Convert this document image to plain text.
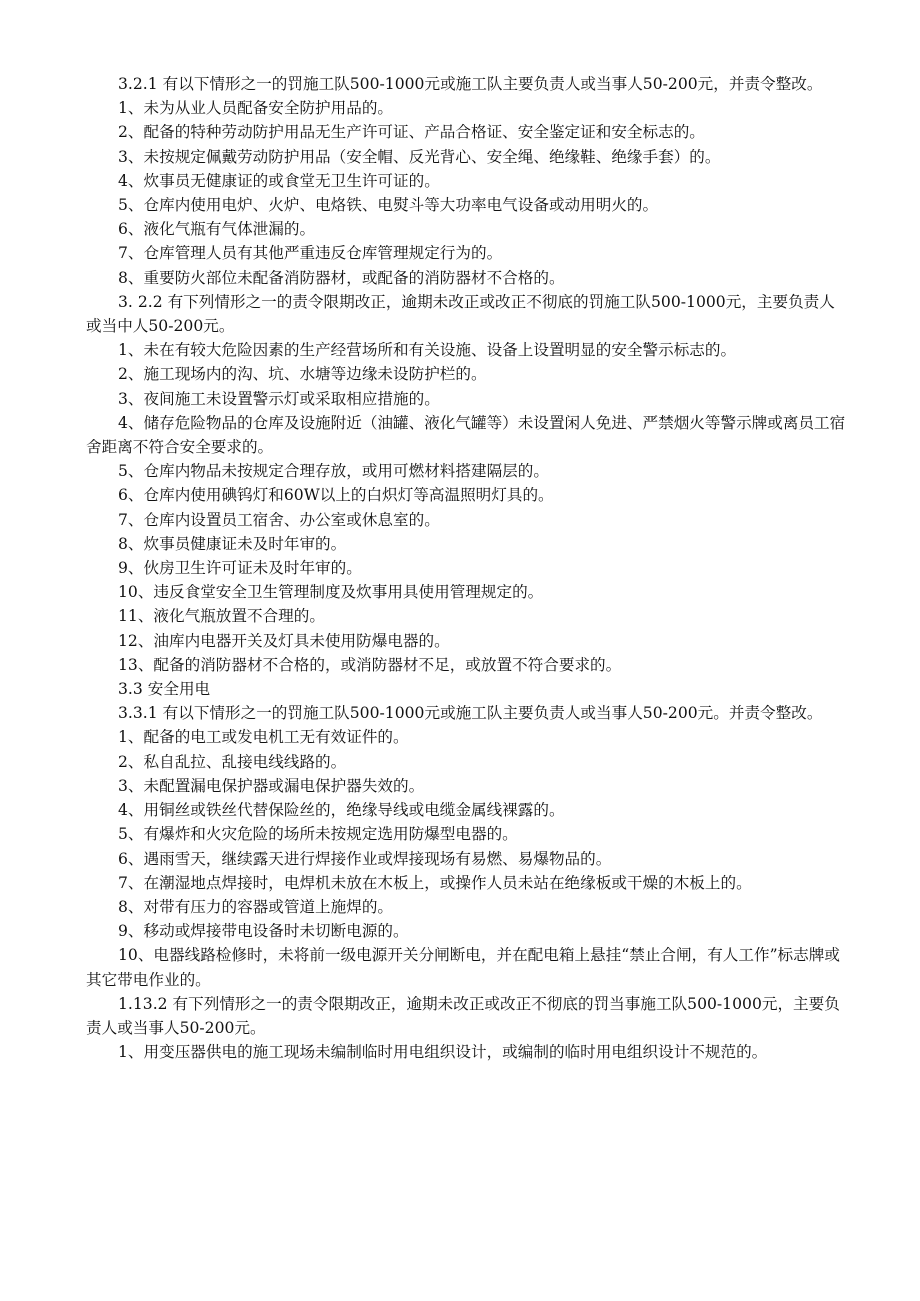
3.2.1 有以下情形之一的罚施工队500-1000元或施工队主要负责人或当事人50-200元，并责令整改。

1、未为从业人员配备安全防护用品的。

2、配备的特种劳动防护用品无生产许可证、产品合格证、安全鉴定证和安全标志的。

3、未按规定佩戴劳动防护用品（安全帽、反光背心、安全绳、绝缘鞋、绝缘手套）的。

4、炊事员无健康证的或食堂无卫生许可证的。

5、仓库内使用电炉、火炉、电烙铁、电熨斗等大功率电气设备或动用明火的。

6、液化气瓶有气体泄漏的。

7、仓库管理人员有其他严重违反仓库管理规定行为的。

8、重要防火部位未配备消防器材，或配备的消防器材不合格的。

3. 2.2 有下列情形之一的责令限期改正，逾期未改正或改正不彻底的罚施工队500-1000元，主要负责人或当中人50-200元。

1、未在有较大危险因素的生产经营场所和有关设施、设备上设置明显的安全警示标志的。

2、施工现场内的沟、坑、水塘等边缘未设防护栏的。

3、夜间施工未设置警示灯或采取相应措施的。

4、储存危险物品的仓库及设施附近（油罐、液化气罐等）未设置闲人免进、严禁烟火等警示牌或离员工宿舍距离不符合安全要求的。

5、仓库内物品未按规定合理存放，或用可燃材料搭建隔层的。

6、仓库内使用碘钨灯和60W以上的白炽灯等高温照明灯具的。

7、仓库内设置员工宿舍、办公室或休息室的。

8、炊事员健康证未及时年审的。

9、伙房卫生许可证未及时年审的。

10、违反食堂安全卫生管理制度及炊事用具使用管理规定的。

11、液化气瓶放置不合理的。

12、油库内电器开关及灯具未使用防爆电器的。

13、配备的消防器材不合格的，或消防器材不足，或放置不符合要求的。

3.3 安全用电

3.3.1 有以下情形之一的罚施工队500-1000元或施工队主要负责人或当事人50-200元。并责令整改。

1、配备的电工或发电机工无有效证件的。

2、私自乱拉、乱接电线线路的。

3、未配置漏电保护器或漏电保护器失效的。

4、用铜丝或铁丝代替保险丝的，绝缘导线或电缆金属线裸露的。

5、有爆炸和火灾危险的场所未按规定选用防爆型电器的。

6、遇雨雪天，继续露天进行焊接作业或焊接现场有易燃、易爆物品的。

7、在潮湿地点焊接时，电焊机未放在木板上，或操作人员未站在绝缘板或干燥的木板上的。

8、对带有压力的容器或管道上施焊的。

9、移动或焊接带电设备时未切断电源的。

10、电器线路检修时，未将前一级电源开关分闸断电，并在配电箱上悬挂“禁止合闸，有人工作”标志牌或其它带电作业的。

1.13.2 有下列情形之一的责令限期改正，逾期未改正或改正不彻底的罚当事施工队500-1000元，主要负责人或当事人50-200元。

1、用变压器供电的施工现场未编制临时用电组织设计，或编制的临时用电组织设计不规范的。
